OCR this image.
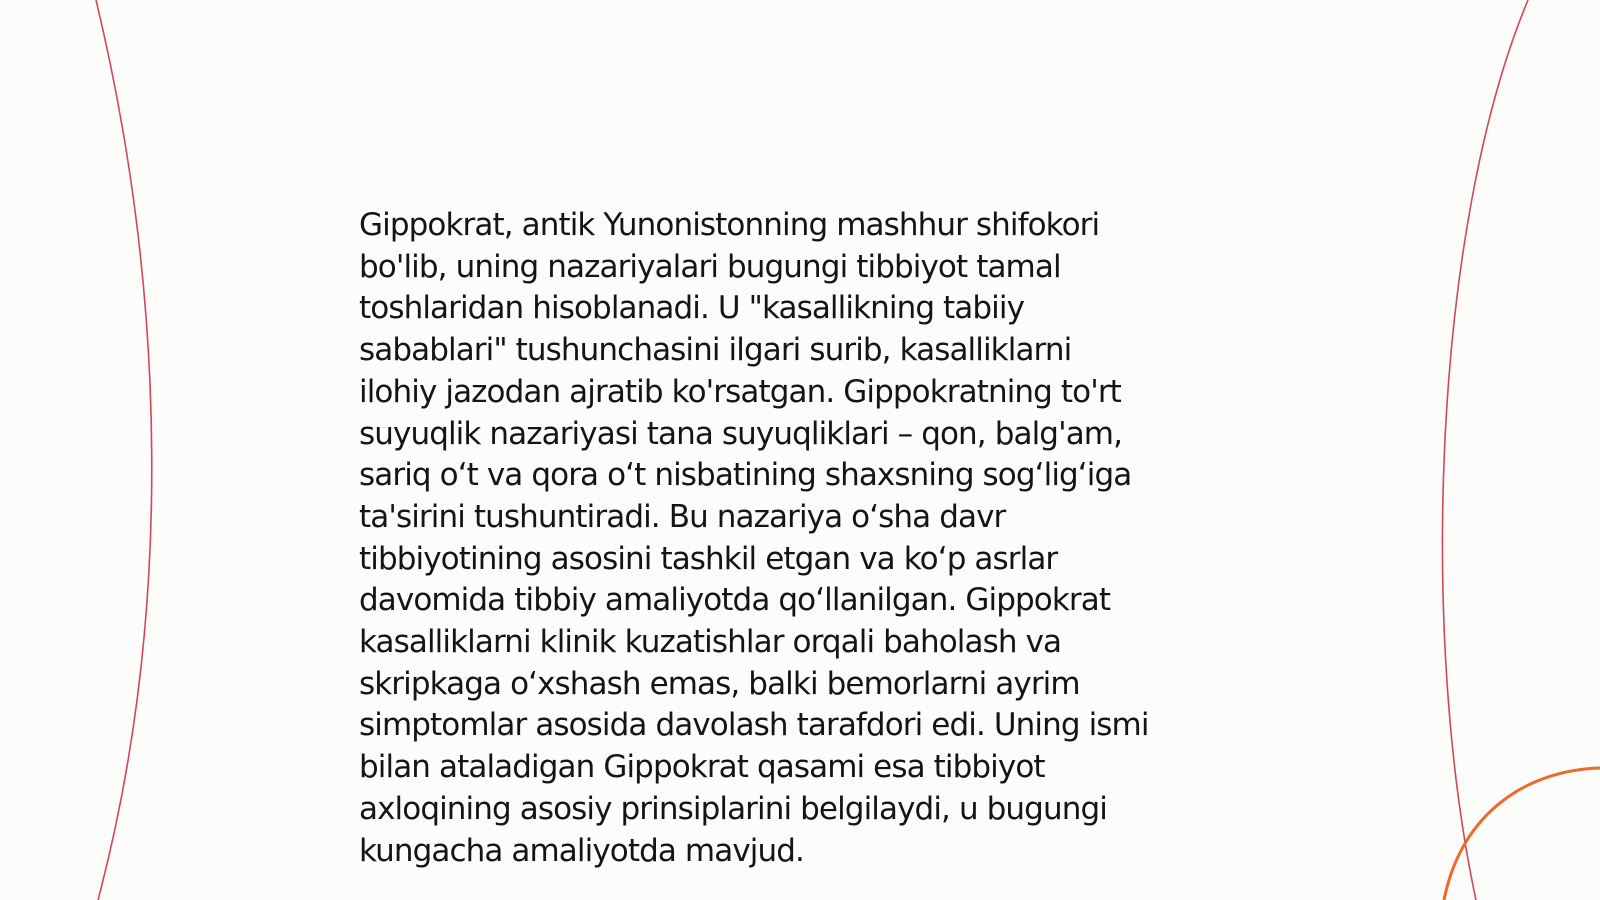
Gippokrat, antik Yunonistonning mashhur shifokori
bo'lib, uning nazariyalari bugungi tibbiyot tamal
toshlaridan hisoblanadi. U "kasallikning tabiiy
sabablari" tushunchasini ilgari surib, kasalliklarni
ilohiy jazodan ajratib ko'rsatgan. Gippokratning to'rt
suyuqlik nazariyasi tana suyuqliklari – qon, balg'am,
sariq o‘t va qora o‘t nisbatining shaxsning sog‘lig‘iga
ta'sirini tushuntiradi. Bu nazariya o‘sha davr
tibbiyotining asosini tashkil etgan va ko‘p asrlar
davomida tibbiy amaliyotda qo‘llanilgan. Gippokrat
kasalliklarni klinik kuzatishlar orqali baholash va
skripkaga o‘xshash emas, balki bemorlarni ayrim
simptomlar asosida davolash tarafdori edi. Uning ismi
bilan ataladigan Gippokrat qasami esa tibbiyot
axloqining asosiy prinsiplarini belgilaydi, u bugungi
kungacha amaliyotda mavjud.
